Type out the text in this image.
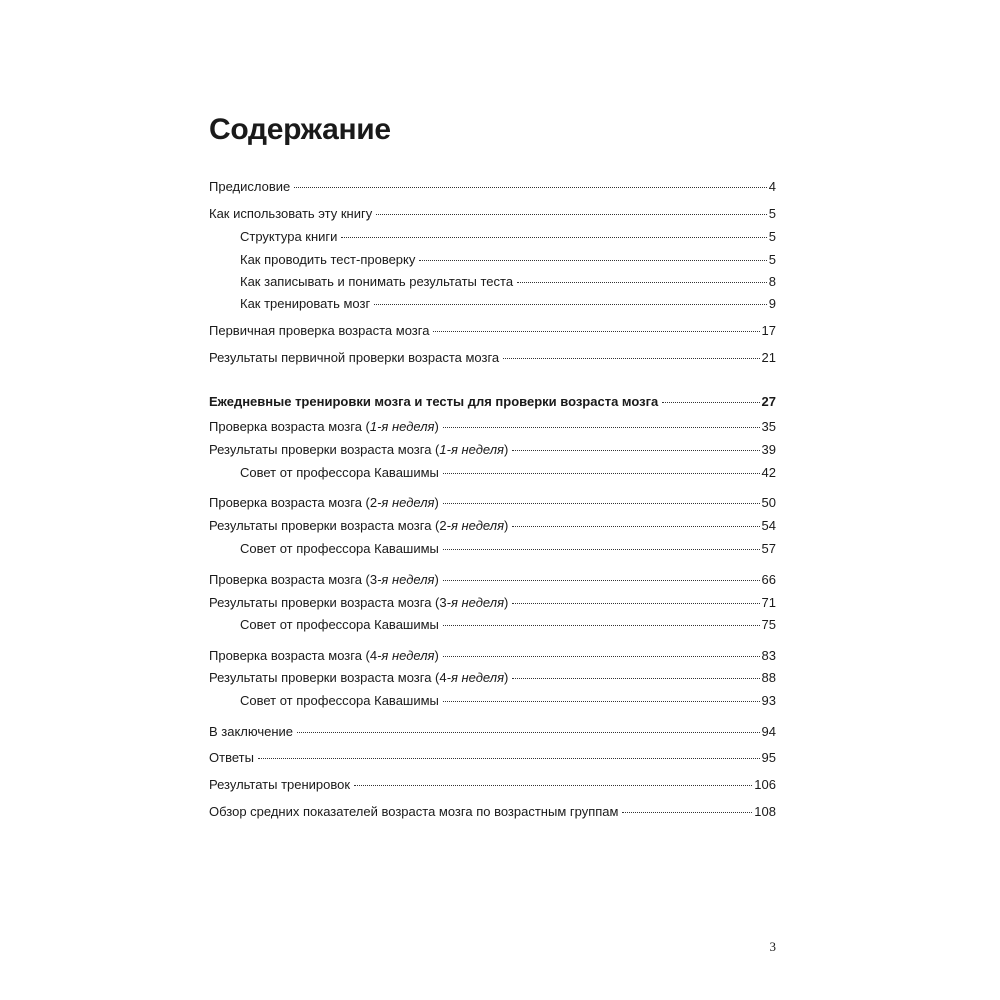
Содержание
Предисловие	4
Как использовать эту книгу	5
Структура книги	5
Как проводить тест-проверку	5
Как записывать и понимать результаты теста	8
Как тренировать мозг	9
Первичная проверка возраста мозга	17
Результаты первичной проверки возраста мозга	21
Ежедневные тренировки мозга и тесты для проверки возраста мозга	27
Проверка возраста мозга (1-я неделя)	35
Результаты проверки возраста мозга (1-я неделя)	39
Совет от профессора Кавашимы	42
Проверка возраста мозга (2-я неделя)	50
Результаты проверки возраста мозга (2-я неделя)	54
Совет от профессора Кавашимы	57
Проверка возраста мозга (3-я неделя)	66
Результаты проверки возраста мозга (3-я неделя)	71
Совет от профессора Кавашимы	75
Проверка возраста мозга (4-я неделя)	83
Результаты проверки возраста мозга (4-я неделя)	88
Совет от профессора Кавашимы	93
В заключение	94
Ответы	95
Результаты тренировок	106
Обзор средних показателей возраста мозга по возрастным группам	108
3
